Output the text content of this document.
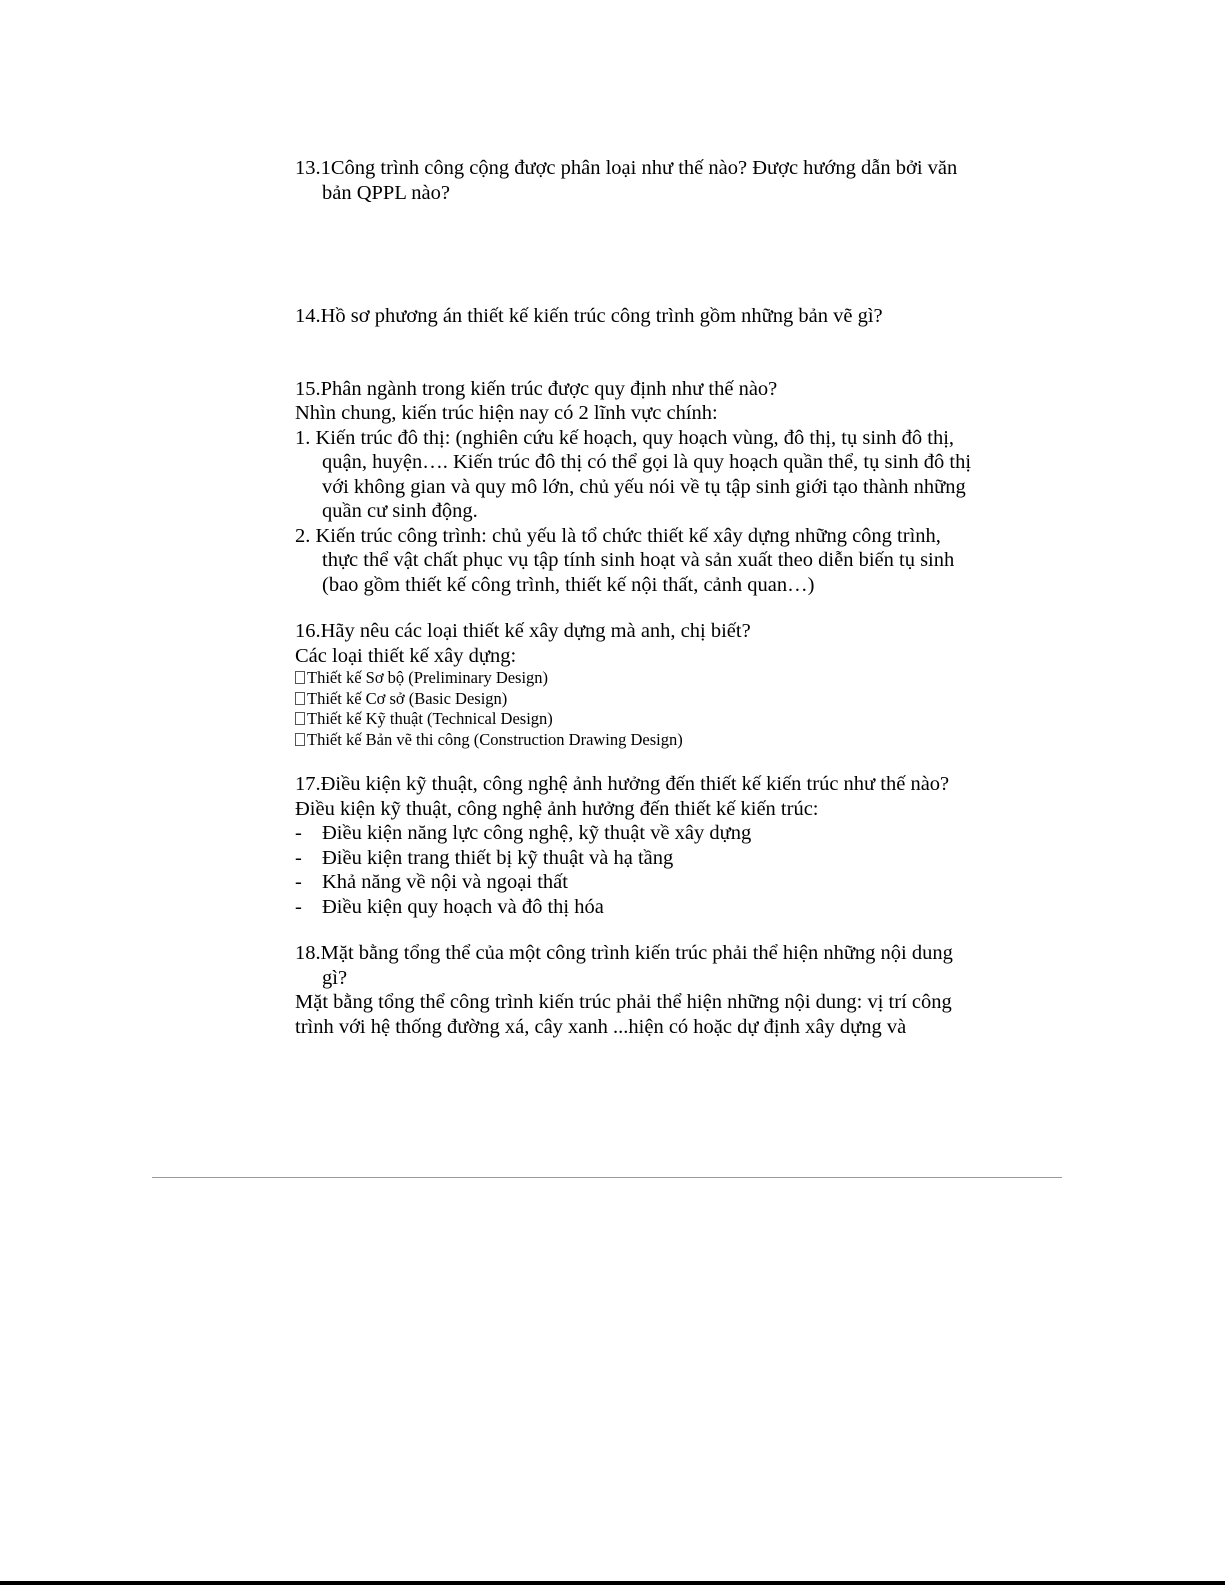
13.1Công trình công cộng được phân loại như thế nào? Được hướng dẫn bởi văn bản QPPL nào?

14.Hồ sơ phương án thiết kế kiến trúc công trình gồm những bản vẽ gì?

15.Phân ngành trong kiến trúc được quy định như thế nào?

Nhìn chung, kiến trúc hiện nay có 2 lĩnh vực chính:

1. Kiến trúc đô thị: (nghiên cứu kế hoạch, quy hoạch vùng, đô thị, tụ sinh đô thị, quận, huyện…. Kiến trúc đô thị có thể gọi là quy hoạch quần thể, tụ sinh đô thị với không gian và quy mô lớn, chủ yếu nói về tụ tập sinh giới tạo thành những quần cư sinh động.

2. Kiến trúc công trình: chủ yếu là tổ chức thiết kế xây dựng những công trình, thực thể vật chất phục vụ tập tính sinh hoạt và sản xuất theo diễn biến tụ sinh (bao gồm thiết kế công trình, thiết kế nội thất, cảnh quan…)

16.Hãy nêu các loại thiết kế xây dựng mà anh, chị biết?

Các loại thiết kế xây dựng:

Thiết kế Sơ bộ (Preliminary Design)

Thiết kế Cơ sở (Basic Design)

Thiết kế Kỹ thuật (Technical Design)

Thiết kế Bản vẽ thi công (Construction Drawing Design)

17.Điều kiện kỹ thuật, công nghệ ảnh hưởng đến thiết kế kiến trúc như thế nào?

Điều kiện kỹ thuật, công nghệ ảnh hưởng đến thiết kế kiến trúc:

- Điều kiện năng lực công nghệ, kỹ thuật về xây dựng

- Điều kiện trang thiết bị kỹ thuật và hạ tầng

- Khả năng về nội và ngoại thất

- Điều kiện quy hoạch và đô thị hóa

18.Mặt bằng tổng thể của một công trình kiến trúc phải thể hiện những nội dung gì?

Mặt bằng tổng thể công trình kiến trúc phải thể hiện những nội dung: vị trí công trình với hệ thống đường xá, cây xanh ...hiện có hoặc dự định xây dựng và
